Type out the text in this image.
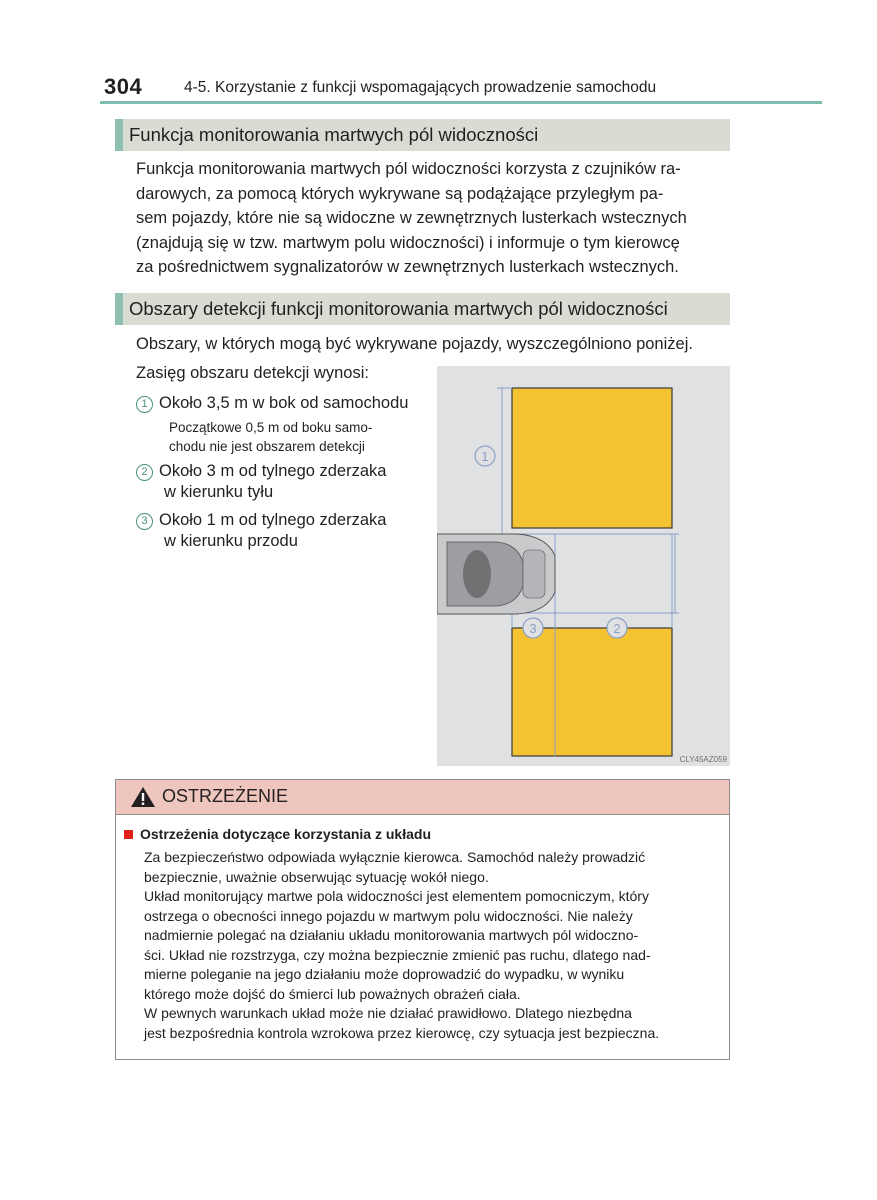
304	4-5. Korzystanie z funkcji wspomagających prowadzenie samochodu
Funkcja monitorowania martwych pól widoczności
Funkcja monitorowania martwych pól widoczności korzysta z czujników ra-
darowych, za pomocą których wykrywane są podążające przyległym pa-
sem pojazdy, które nie są widoczne w zewnętrznych lusterkach wstecznych
(znajdują się w tzw. martwym polu widoczności) i informuje o tym kierowcę
za pośrednictwem sygnalizatorów w zewnętrznych lusterkach wstecznych.
Obszary detekcji funkcji monitorowania martwych pól widoczności
Obszary, w których mogą być wykrywane pojazdy, wyszczególniono poniżej.
Zasięg obszaru detekcji wynosi:
1 Około 3,5 m w bok od samochodu
Początkowe 0,5 m od boku samo-
chodu nie jest obszarem detekcji
2 Około 3 m od tylnego zderzaka
w kierunku tyłu
3 Około 1 m od tylnego zderzaka
w kierunku przodu
1
3	2
CLY45AZ059
OSTRZEŻENIE
Ostrzeżenia dotyczące korzystania z układu

Za bezpieczeństwo odpowiada wyłącznie kierowca. Samochód należy prowadzić

bezpiecznie, uważnie obserwując sytuację wokół niego.

Układ monitorujący martwe pola widoczności jest elementem pomocniczym, który

ostrzega o obecności innego pojazdu w martwym polu widoczności. Nie należy

nadmiernie polegać na działaniu układu monitorowania martwych pól widoczno-

ści. Układ nie rozstrzyga, czy można bezpiecznie zmienić pas ruchu, dlatego nad-

mierne poleganie na jego działaniu może doprowadzić do wypadku, w wyniku

którego może dojść do śmierci lub poważnych obrażeń ciała.

W pewnych warunkach układ może nie działać prawidłowo. Dlatego niezbędna

jest bezpośrednia kontrola wzrokowa przez kierowcę, czy sytuacja jest bezpieczna.
